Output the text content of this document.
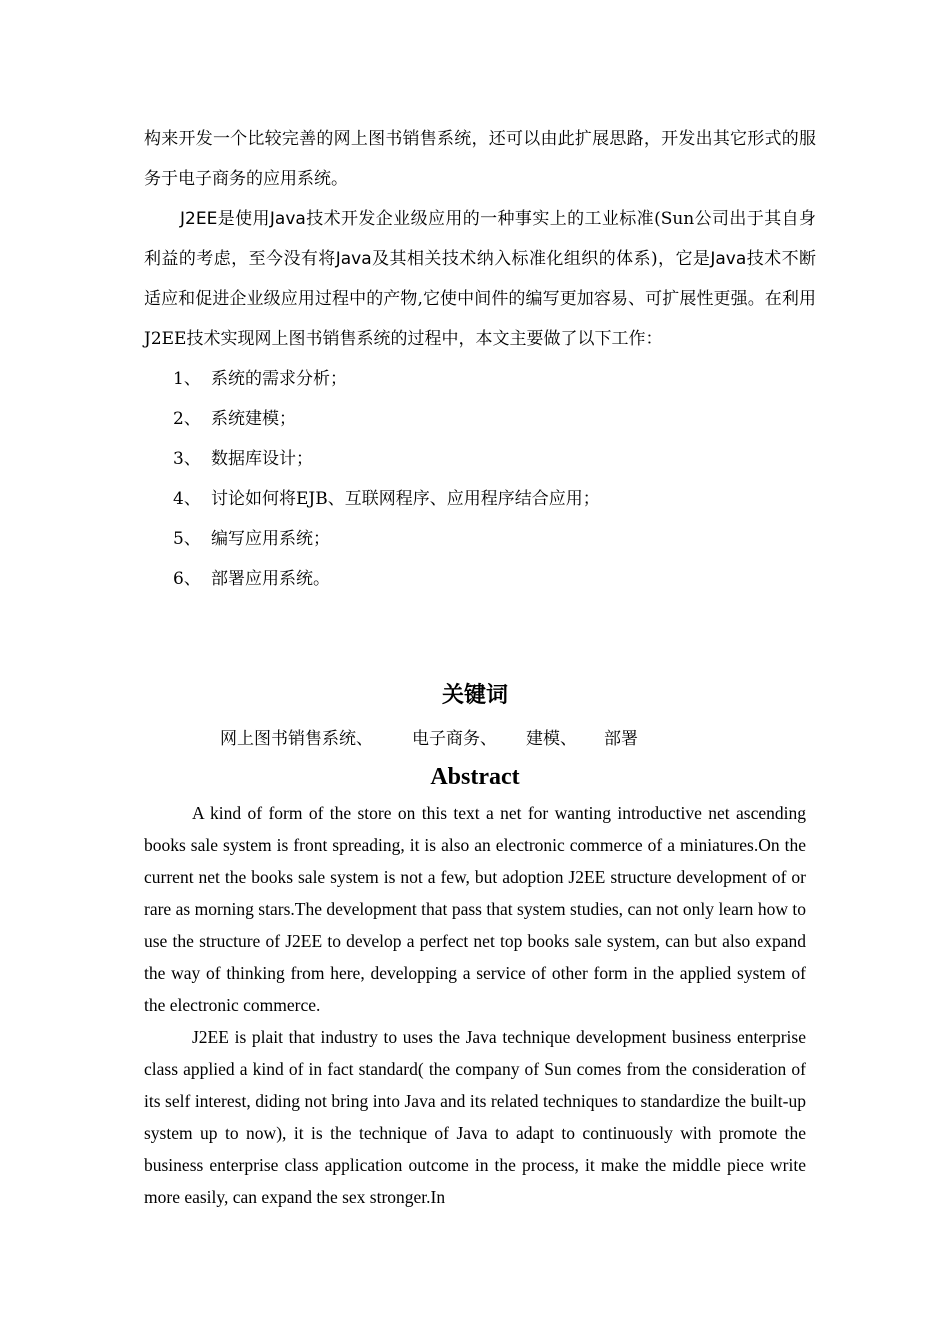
构来开发一个比较完善的网上图书销售系统，还可以由此扩展思路，开发出其它形式的服务于电子商务的应用系统。

J2EE是使用Java技术开发企业级应用的一种事实上的工业标准(Sun公司出于其自身利益的考虑，至今没有将Java及其相关技术纳入标准化组织的体系)，它是Java技术不断适应和促进企业级应用过程中的产物,它使中间件的编写更加容易、可扩展性更强。在利用J2EE技术实现网上图书销售系统的过程中，本文主要做了以下工作：

1、 系统的需求分析；
2、 系统建模；
3、 数据库设计；
4、 讨论如何将EJB、互联网程序、应用程序结合应用；
5、 编写应用系统；
6、 部署应用系统。
关键词
网上图书销售系统、 电子商务、 建模、 部署
Abstract

A kind of form of the store on this text a net for wanting introductive net ascending books sale system is front spreading, it is also an electronic commerce of a miniatures.On the current net the books sale system is not a few, but adoption J2EE structure development of or rare as morning stars.The development that pass that system studies, can not only learn how to use the structure of J2EE to develop a perfect net top books sale system, can but also expand the way of thinking from here, developping a service of other form in the applied system of the electronic commerce.

J2EE is plait that industry to uses the Java technique development business enterprise class applied a kind of in fact standard( the company of Sun comes from the consideration of its self interest, diding not bring into Java and its related techniques to standardize the built-up system up to now), it is the technique of Java to adapt to continuously with promote the business enterprise class application outcome in the process, it make the middle piece write more easily, can expand the sex stronger.In
